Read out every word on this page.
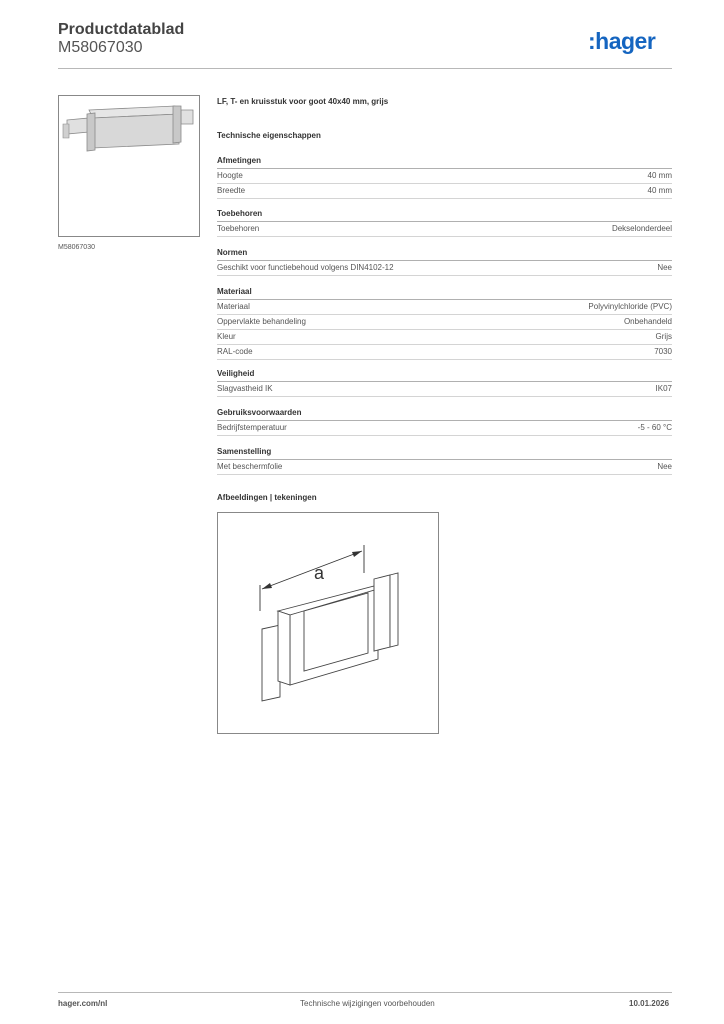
Productdatablad
M58067030	:hager
M58067030
LF, T- en kruisstuk voor goot 40x40 mm, grijs
Technische eigenschappen
Afmetingen
Hoogte	40 mm
Breedte	40 mm
Toebehoren
Toebehoren	Dekselonderdeel
Normen
Geschikt voor functiebehoud volgens DIN4102-12	Nee
Materiaal
Materiaal	Polyvinylchloride (PVC)
Oppervlakte behandeling	Onbehandeld
Kleur	Grijs
RAL-code	7030
Veiligheid
Slagvastheid IK	IK07
Gebruiksvoorwaarden
Bedrijfstemperatuur	-5 - 60 °C
Samenstelling
Met beschermfolie	Nee
Afbeeldingen | tekeningen
a
hager.com/nl	Technische wijzigingen voorbehouden	10.01.2026
